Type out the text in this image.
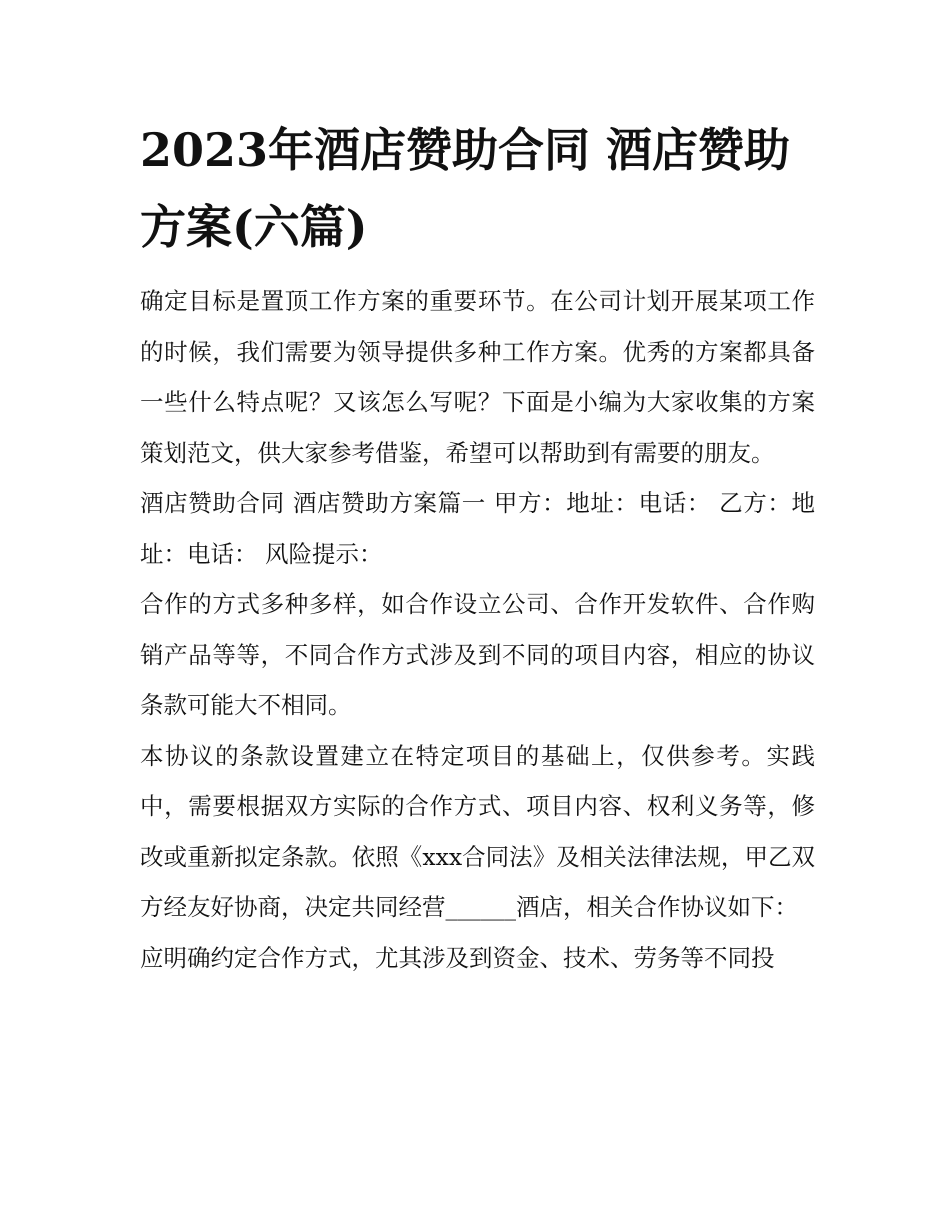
2023年酒店赞助合同 酒店赞助方案(六篇)

确定目标是置顶工作方案的重要环节。在公司计划开展某项工作的时候，我们需要为领导提供多种工作方案。优秀的方案都具备一些什么特点呢？又该怎么写呢？下面是小编为大家收集的方案策划范文，供大家参考借鉴，希望可以帮助到有需要的朋友。

酒店赞助合同 酒店赞助方案篇一 甲方：地址：电话： 乙方：地址：电话： 风险提示：

合作的方式多种多样，如合作设立公司、合作开发软件、合作购销产品等等，不同合作方式涉及到不同的项目内容，相应的协议条款可能大不相同。

本协议的条款设置建立在特定项目的基础上，仅供参考。实践中，需要根据双方实际的合作方式、项目内容、权利义务等，修改或重新拟定条款。依照《xxx合同法》及相关法律法规，甲乙双方经友好协商，决定共同经营______酒店，相关合作协议如下：

应明确约定合作方式，尤其涉及到资金、技术、劳务等不同投
